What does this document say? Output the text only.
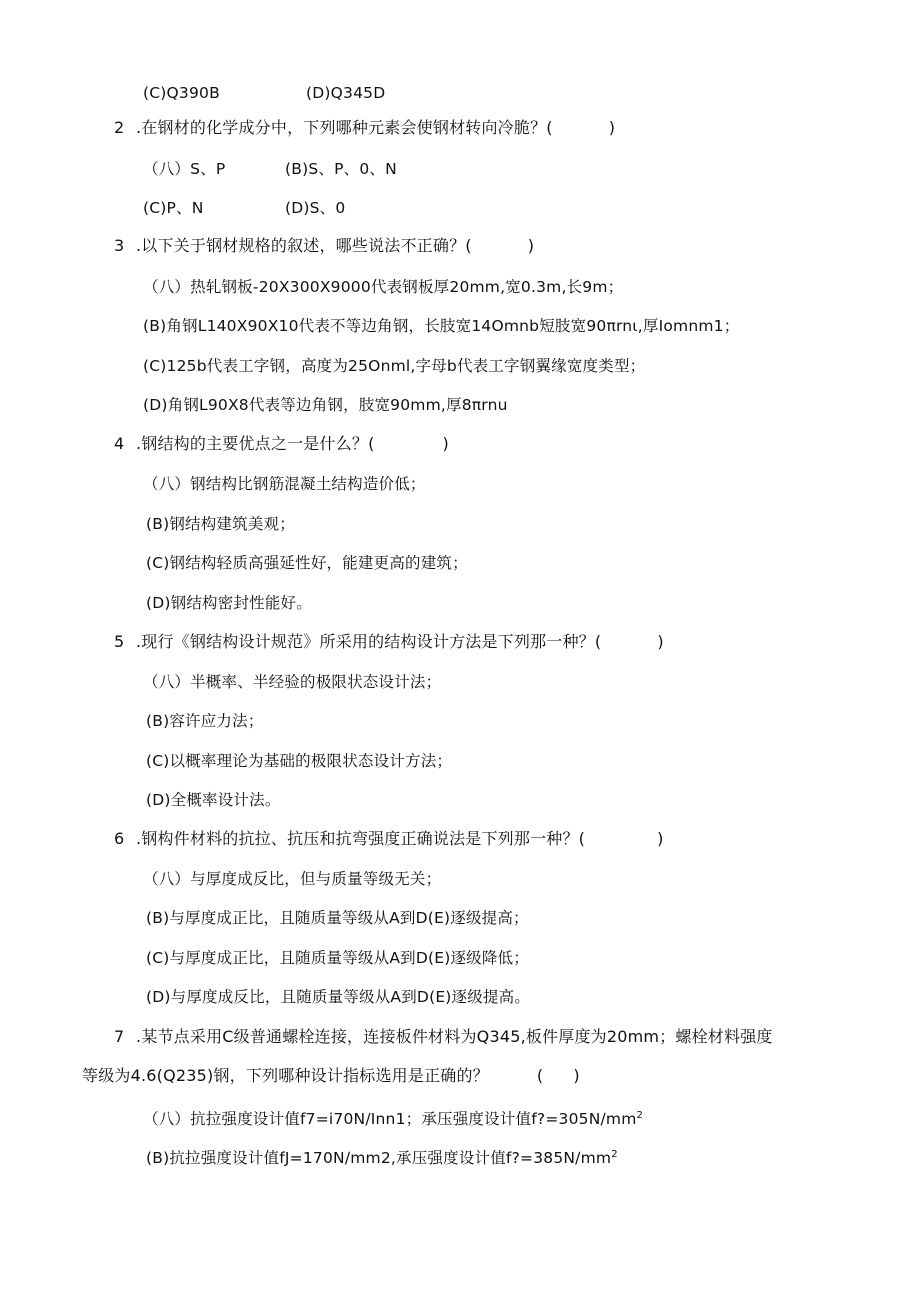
(C)Q390B	(D)Q345D
2 .在钢材的化学成分中，下列哪种元素会使钢材转向冷脆？(	)
（八）S、P	(B)S、P、0、N
(C)P、N	(D)S、0
3 .以下关于钢材规格的叙述，哪些说法不正确？(	)
（八）热轧钢板-20X300X9000代表钢板厚20mm,宽0.3m,长9m；
(B)角钢L140X90X10代表不等边角钢，长肢宽14Omnb短肢宽90πrnι,厚Iomnm1；
(C)125b代表工字钢，高度为25Onml,字母b代表工字钢翼缘宽度类型；
(D)角钢L90X8代表等边角钢，肢宽90mm,厚8πrnu
4 .钢结构的主要优点之一是什么？(	)
（八）钢结构比钢筋混凝土结构造价低；
(B)钢结构建筑美观；
(C)钢结构轻质高强延性好，能建更高的建筑；
(D)钢结构密封性能好。
5 .现行《钢结构设计规范》所采用的结构设计方法是下列那一种？(	)
（八）半概率、半经验的极限状态设计法；
(B)容许应力法；
(C)以概率理论为基础的极限状态设计方法；
(D)全概率设计法。
6 .钢构件材料的抗拉、抗压和抗弯强度正确说法是下列那一种？(	)
（八）与厚度成反比，但与质量等级无关；
(B)与厚度成正比，且随质量等级从A到D(E)逐级提高；
(C)与厚度成正比，且随质量等级从A到D(E)逐级降低；
(D)与厚度成反比，且随质量等级从A到D(E)逐级提高。
7 .某节点采用C级普通螺栓连接，连接板件材料为Q345,板件厚度为20mm；螺栓材料强度
等级为4.6(Q235)钢，下列哪种设计指标选用是正确的？	( )
（八）抗拉强度设计值f7=i70N/Inn1；承压强度设计值$f?=305N∕mm^2$
(B)抗拉强度设计值fJ=170N∕mm2,承压强度设计值$f?=385N∕mm^2$
